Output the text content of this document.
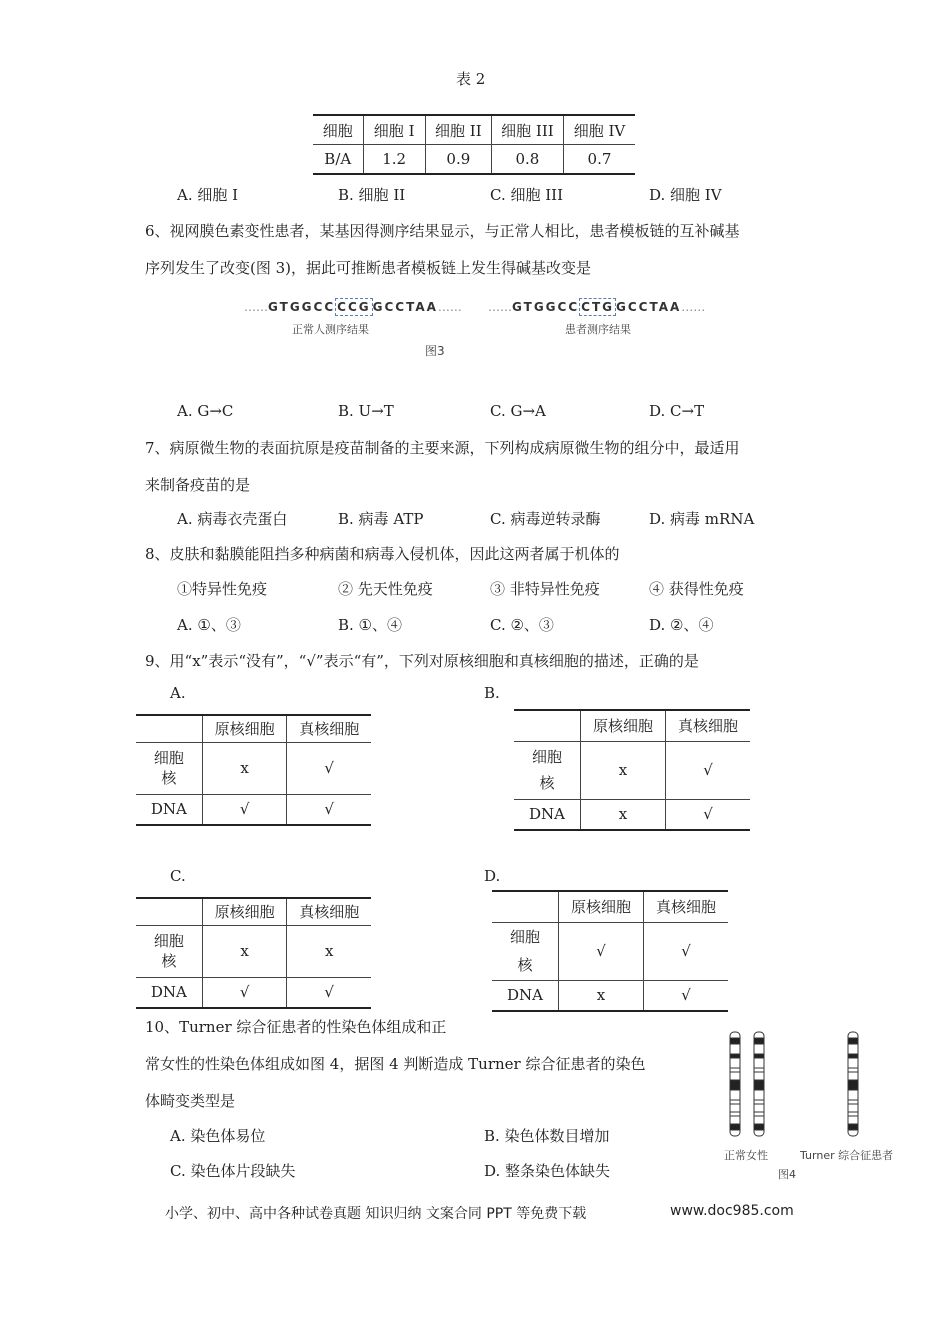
表 2
细胞	细胞 I	细胞 II	细胞 III	细胞 IV
B/A	1.2	0.9	0.8	0.7
A. 细胞 I	B. 细胞 II	C. 细胞 III	D. 细胞 IV
6、视网膜色素变性患者，某基因得测序结果显示，与正常人相比，患者模板链的互补碱基
序列发生了改变(图 3)，据此可推断患者模板链上发生得碱基改变是
……GTGGCC CCG GCCTAA……
正常人测序结果
……GTGGCC CTG GCCTAA……
患者测序结果
图3
A. G→C	B. U→T	C. G→A	D. C→T
7、病原微生物的表面抗原是疫苗制备的主要来源，下列构成病原微生物的组分中，最适用
来制备疫苗的是
A. 病毒衣壳蛋白	B. 病毒 ATP	C. 病毒逆转录酶	D. 病毒 mRNA
8、皮肤和黏膜能阻挡多种病菌和病毒入侵机体，因此这两者属于机体的
①特异性免疫	② 先天性免疫	③ 非特异性免疫	④ 获得性免疫
A. ①、③	B. ①、④	C. ②、③	D. ②、④
9、用“x”表示“没有”，“√”表示“有”，下列对原核细胞和真核细胞的描述，正确的是
A.
	原核细胞	真核细胞
细胞
核	x	√
DNA	√	√
B.
	原核细胞	真核细胞
细胞
核	x	√
DNA	x	√
C.
	原核细胞	真核细胞
细胞
核	x	x
DNA	√	√
D.
	原核细胞	真核细胞
细胞
核	√	√
DNA	x	√
10、Turner 综合征患者的性染色体组成和正
常女性的性染色体组成如图 4，据图 4 判断造成 Turner 综合征患者的染色
体畸变类型是
A. 染色体易位	B. 染色体数目增加
C. 染色体片段缺失	D. 整条染色体缺失
正常女性	Turner 综合征患者
图4
小学、初中、高中各种试卷真题 知识归纳 文案合同 PPT 等免费下载	www.doc985.com
